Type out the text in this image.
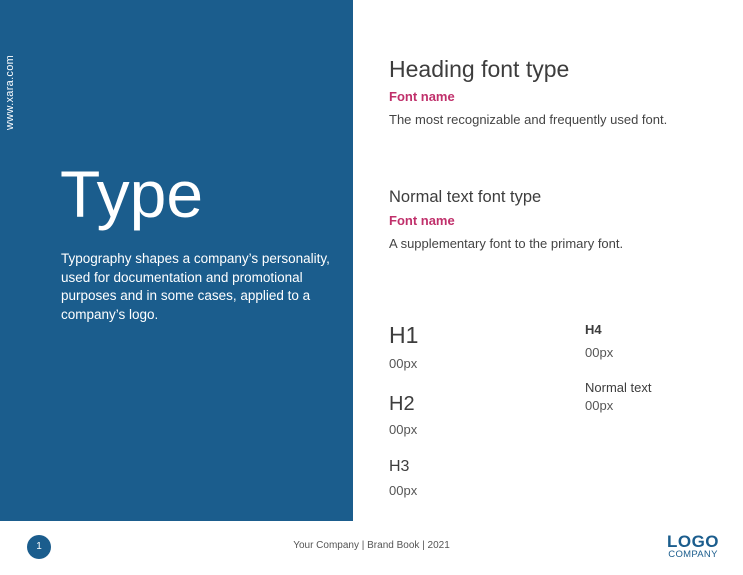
www.xara.com
Type

Typography shapes a company’s personality, used for documentation and promotional purposes and in some cases, applied to a company’s logo.

Heading font type
Font name
The most recognizable and frequently used font.
Normal text font type
Font name
A supplementary font to the primary font.
H1
00px
H2
00px
H3
00px
H4
00px
Normal text
00px
1	Your Company | Brand Book | 2021	LOGO
COMPANY
